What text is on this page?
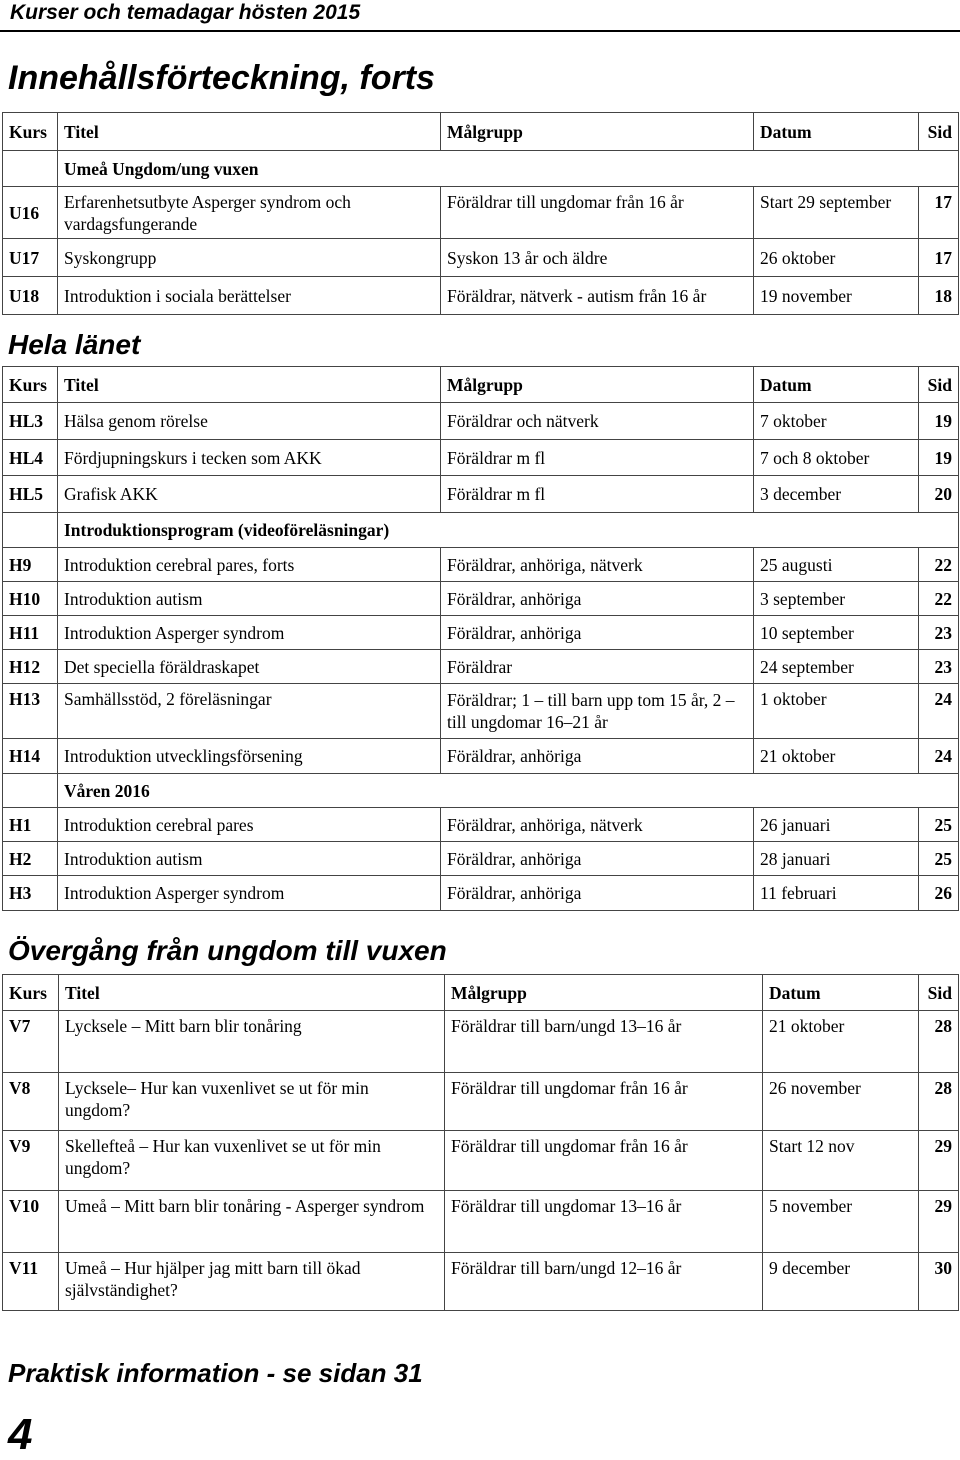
Kurser och temadagar hösten 2015
Innehållsförteckning, forts
Kurs	Titel	Målgrupp	Datum	Sid
	Umeå Ungdom/ung vuxen			
U16	Erfarenhetsutbyte Asperger syndrom och vardagsfungerande	Föräldrar till ungdomar från 16 år	Start 29 september	17
U17	Syskongrupp	Syskon 13 år och äldre	26 oktober	17
U18	Introduktion i sociala berättelser	Föräldrar, nätverk - autism från 16 år	19 november	18
Hela länet
Kurs	Titel	Målgrupp	Datum	Sid
HL3	Hälsa genom rörelse	Föräldrar och nätverk	7 oktober	19
HL4	Fördjupningskurs i tecken som AKK	Föräldrar m fl	7 och 8 oktober	19
HL5	Grafisk AKK	Föräldrar m fl	3 december	20
	Introduktionsprogram (videoföreläsningar)			
H9	Introduktion cerebral pares, forts	Föräldrar, anhöriga, nätverk	25 augusti	22
H10	Introduktion autism	Föräldrar, anhöriga	3 september	22
H11	Introduktion Asperger syndrom	Föräldrar, anhöriga	10 september	23
H12	Det speciella föräldraskapet	Föräldrar	24 september	23
H13	Samhällsstöd, 2 föreläsningar	Föräldrar; 1 – till barn upp tom 15 år, 2 – till ungdomar 16–21 år	1 oktober	24
H14	Introduktion utvecklingsförsening	Föräldrar, anhöriga	21 oktober	24
	Våren 2016			
H1	Introduktion cerebral pares	Föräldrar, anhöriga, nätverk	26 januari	25
H2	Introduktion autism	Föräldrar, anhöriga	28 januari	25
H3	Introduktion Asperger syndrom	Föräldrar, anhöriga	11 februari	26
Övergång från ungdom till vuxen
Kurs	Titel	Målgrupp	Datum	Sid
V7	Lycksele – Mitt barn blir tonåring	Föräldrar till barn/ungd 13–16 år	21 oktober	28
V8	Lycksele– Hur kan vuxenlivet se ut för min ungdom?	Föräldrar till ungdomar från 16 år	26 november	28
V9	Skellefteå – Hur kan vuxenlivet se ut för min ungdom?	Föräldrar till ungdomar från 16 år	Start 12 nov	29
V10	Umeå – Mitt barn blir tonåring - Asperger syndrom	Föräldrar till ungdomar 13–16 år	5 november	29
V11	Umeå – Hur hjälper jag mitt barn till ökad självständighet?	Föräldrar till barn/ungd 12–16 år	9 december	30
Praktisk information - se sidan 31
4
